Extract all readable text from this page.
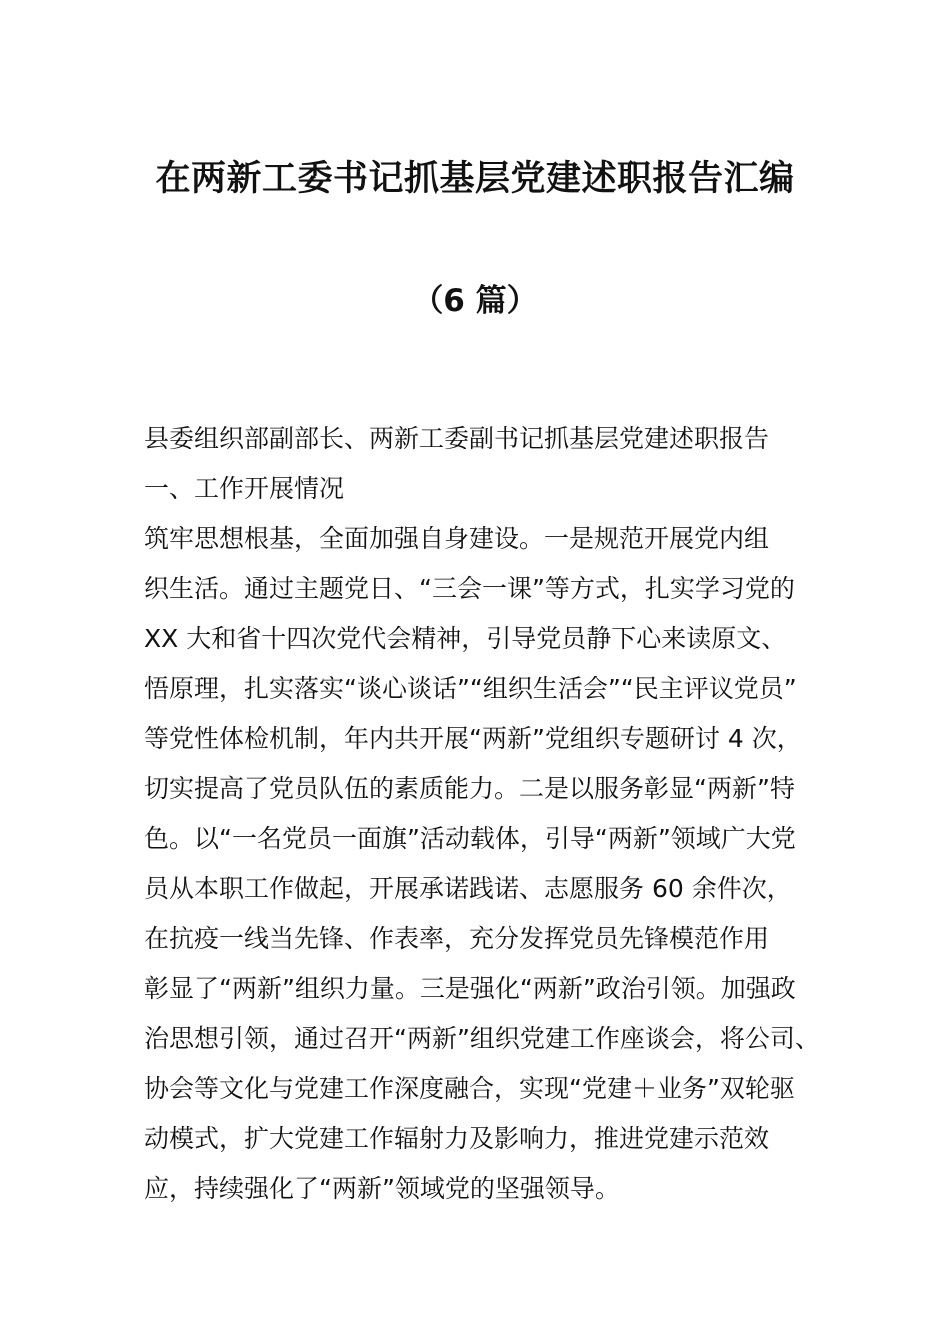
在两新工委书记抓基层党建述职报告汇编
（6 篇）
县委组织部副部长、两新工委副书记抓基层党建述职报告
一、工作开展情况
筑牢思想根基，全面加强自身建设。一是规范开展党内组
织生活。通过主题党日、“三会一课”等方式，扎实学习党的
XX 大和省十四次党代会精神，引导党员静下心来读原文、
悟原理，扎实落实“谈心谈话”“组织生活会”“民主评议党员”
等党性体检机制，年内共开展“两新”党组织专题研讨 4 次，
切实提高了党员队伍的素质能力。二是以服务彰显“两新”特
色。以“一名党员一面旗”活动载体，引导“两新”领域广大党
员从本职工作做起，开展承诺践诺、志愿服务 60 余件次，
在抗疫一线当先锋、作表率，充分发挥党员先锋模范作用
彰显了“两新”组织力量。三是强化“两新”政治引领。加强政
治思想引领，通过召开“两新”组织党建工作座谈会，将公司、
协会等文化与党建工作深度融合，实现“党建＋业务”双轮驱
动模式，扩大党建工作辐射力及影响力，推进党建示范效
应，持续强化了“两新”领域党的坚强领导。
